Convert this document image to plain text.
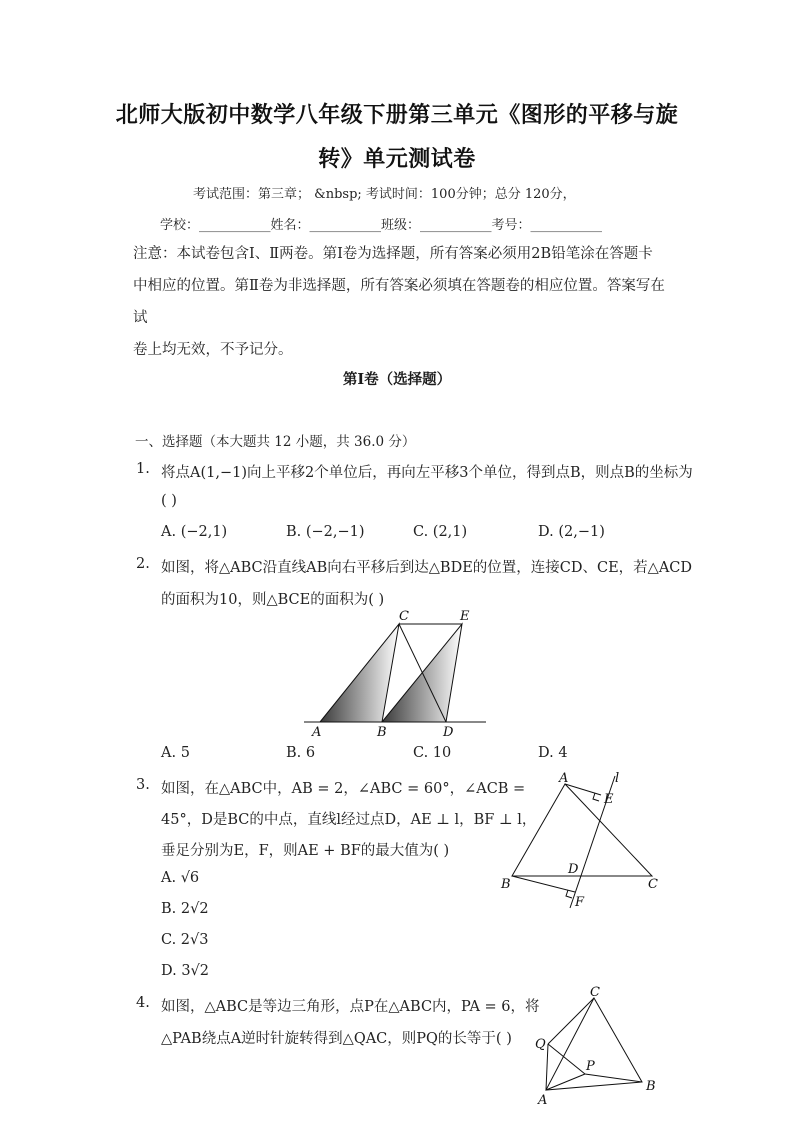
北师大版初中数学八年级下册第三单元《图形的平移与旋
转》单元测试卷
考试范围：第三章； &nbsp; 考试时间：100分钟；总分 120分，
学校：___________姓名：___________班级：___________考号：___________
注意：本试卷包含Ⅰ、Ⅱ两卷。第Ⅰ卷为选择题，所有答案必须用2B铅笔涂在答题卡
中相应的位置。第Ⅱ卷为非选择题，所有答案必须填在答题卷的相应位置。答案写在试
卷上均无效，不予记分。
第Ⅰ卷（选择题）
一、选择题（本大题共 12 小题，共 36.0 分）
1. 将点A(1,−1)向上平移2个单位后，再向左平移3个单位，得到点B，则点B的坐标为
( )
A. (−2,1)	B. (−2,−1)	C. (2,1)	D. (2,−1)
2. 如图，将△ABC沿直线AB向右平移后到达△BDE的位置，连接CD、CE，若△ACD
的面积为10，则△BCE的面积为( )
C	E
A	B	D
A. 5	B. 6	C. 10	D. 4
3. 如图，在△ABC中，AB = 2，∠ABC = 60°，∠ACB =
45°，D是BC的中点，直线l经过点D，AE ⊥ l，BF ⊥ l，
垂足分别为E，F，则AE + BF的最大值为( )
A. √6
B. 2√2
C. 2√3
D. 3√2
A	l
E
D
B	C
F
4. 如图，△ABC是等边三角形，点P在△ABC内，PA = 6，将
△PAB绕点A逆时针旋转得到△QAC，则PQ的长等于( )
C
Q
P
A
B
